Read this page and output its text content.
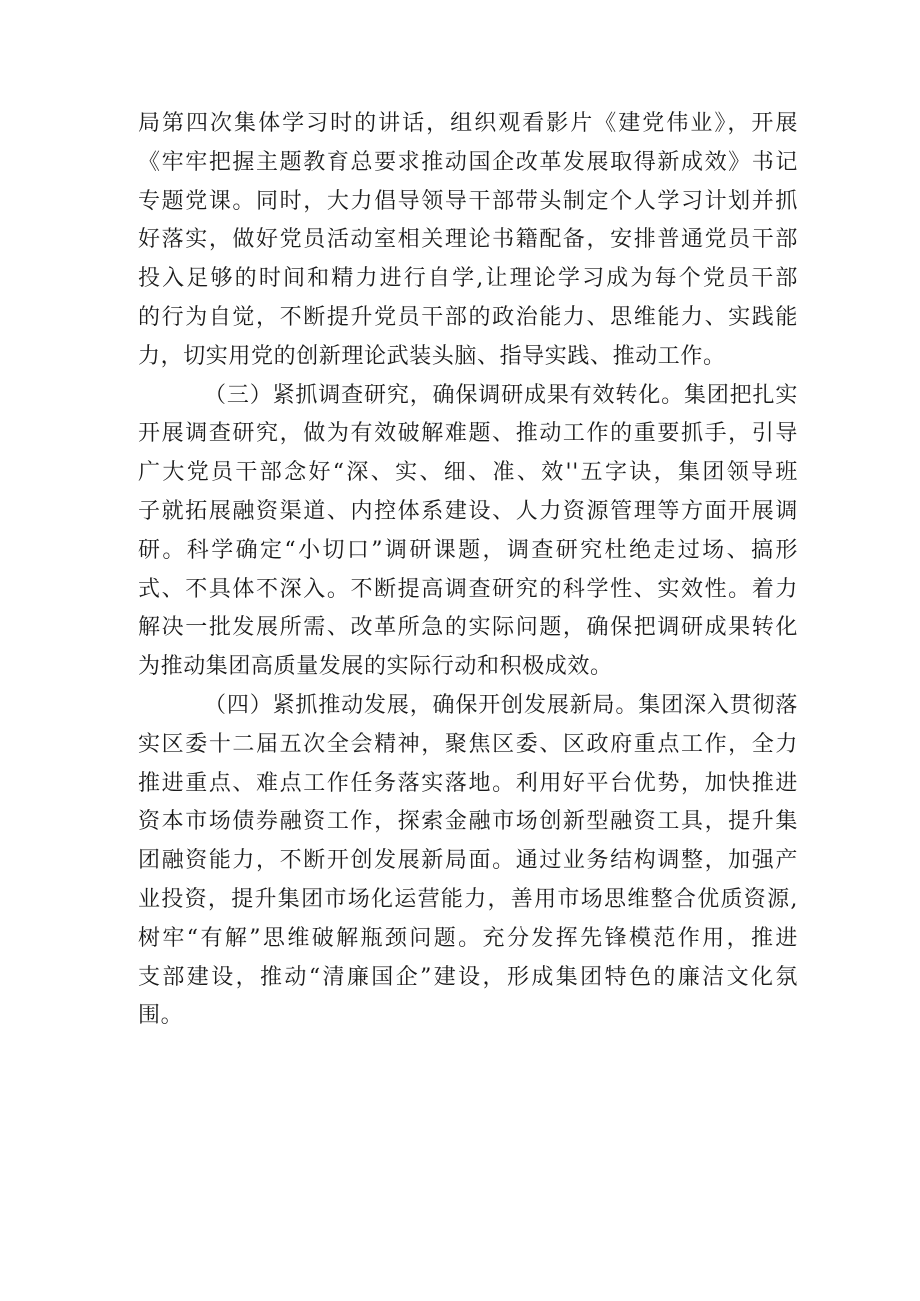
局第四次集体学习时的讲话，组织观看影片《建党伟业》，开展
《牢牢把握主题教育总要求推动国企改革发展取得新成效》书记
专题党课。同时，大力倡导领导干部带头制定个人学习计划并抓
好落实，做好党员活动室相关理论书籍配备，安排普通党员干部
投入足够的时间和精力进行自学,让理论学习成为每个党员干部
的行为自觉，不断提升党员干部的政治能力、思维能力、实践能
力，切实用党的创新理论武装头脑、指导实践、推动工作。

（三）紧抓调查研究，确保调研成果有效转化。集团把扎实
开展调查研究，做为有效破解难题、推动工作的重要抓手，引导
广大党员干部念好“深、实、细、准、效''五字诀，集团领导班
子就拓展融资渠道、内控体系建设、人力资源管理等方面开展调
研。科学确定“小切口”调研课题，调查研究杜绝走过场、搞形
式、不具体不深入。不断提高调查研究的科学性、实效性。着力
解决一批发展所需、改革所急的实际问题，确保把调研成果转化
为推动集团高质量发展的实际行动和积极成效。

（四）紧抓推动发展，确保开创发展新局。集团深入贯彻落
实区委十二届五次全会精神，聚焦区委、区政府重点工作，全力
推进重点、难点工作任务落实落地。利用好平台优势，加快推进
资本市场债券融资工作，探索金融市场创新型融资工具，提升集
团融资能力，不断开创发展新局面。通过业务结构调整，加强产
业投资，提升集团市场化运营能力，善用市场思维整合优质资源,
树牢“有解”思维破解瓶颈问题。充分发挥先锋模范作用，推进
支部建设，推动“清廉国企”建设，形成集团特色的廉洁文化氛
围。
